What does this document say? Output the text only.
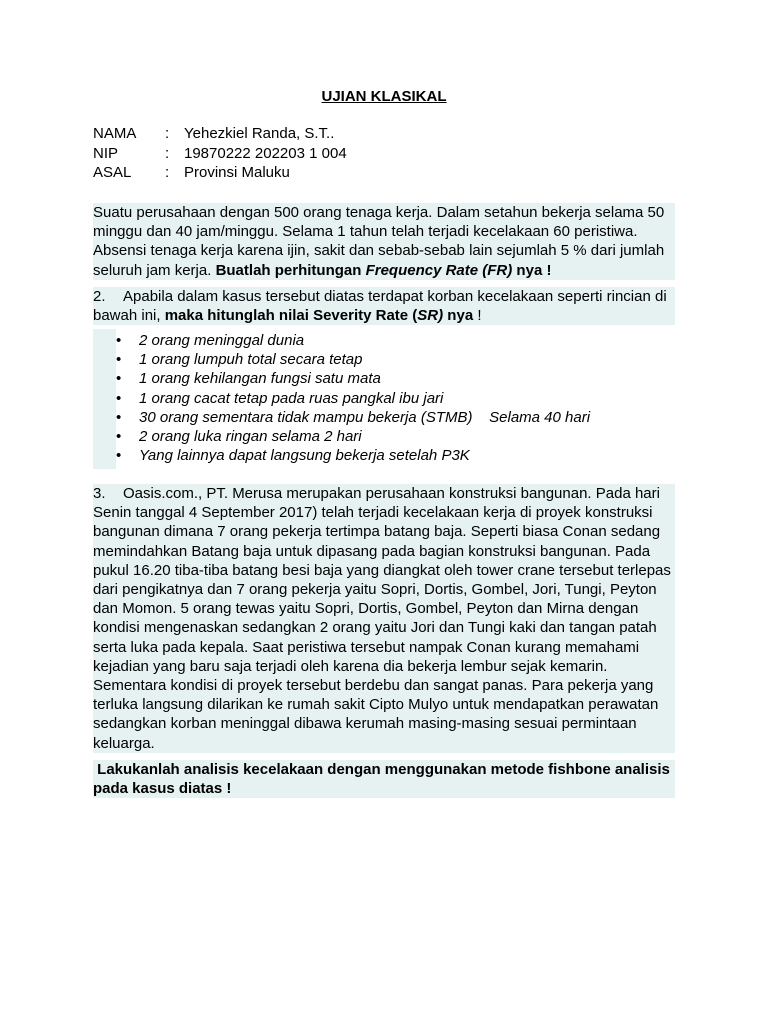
UJIAN KLASIKAL
NAMA	: Yehezkiel Randa, S.T..
NIP	: 19870222 202203 1 004
ASAL	: Provinsi Maluku
Suatu perusahaan dengan 500 orang tenaga kerja. Dalam setahun bekerja selama 50 minggu dan 40 jam/minggu. Selama 1 tahun telah terjadi kecelakaan 60 peristiwa. Absensi tenaga kerja karena ijin, sakit dan sebab-sebab lain sejumlah 5 % dari jumlah seluruh jam kerja. Buatlah perhitungan Frequency Rate (FR) nya !
2. Apabila dalam kasus tersebut diatas terdapat korban kecelakaan seperti rincian di bawah ini, maka hitunglah nilai Severity Rate (SR) nya !
•	2 orang meninggal dunia
•	1 orang lumpuh total secara tetap
•	1 orang kehilangan fungsi satu mata
•	1 orang cacat tetap pada ruas pangkal ibu jari
•	30 orang sementara tidak mampu bekerja (STMB)    Selama 40 hari
•	2 orang luka ringan selama 2 hari
•	Yang lainnya dapat langsung bekerja setelah P3K
3. Oasis.com., PT. Merusa merupakan perusahaan konstruksi bangunan. Pada hari Senin tanggal 4 September 2017) telah terjadi kecelakaan kerja di proyek konstruksi bangunan dimana 7 orang pekerja tertimpa batang baja. Seperti biasa Conan sedang memindahkan Batang baja untuk dipasang pada bagian konstruksi bangunan. Pada pukul 16.20 tiba-tiba batang besi baja yang diangkat oleh tower crane tersebut terlepas dari pengikatnya dan 7 orang pekerja yaitu Sopri, Dortis, Gombel, Jori, Tungi, Peyton dan Momon. 5 orang tewas yaitu Sopri, Dortis, Gombel, Peyton dan Mirna dengan kondisi mengenaskan sedangkan 2 orang yaitu Jori dan Tungi kaki dan tangan patah serta luka pada kepala. Saat peristiwa tersebut nampak Conan kurang memahami kejadian yang baru saja terjadi oleh karena dia bekerja lembur sejak kemarin. Sementara kondisi di proyek tersebut berdebu dan sangat panas. Para pekerja yang terluka langsung dilarikan ke rumah sakit Cipto Mulyo untuk mendapatkan perawatan sedangkan korban meninggal dibawa kerumah masing-masing sesuai permintaan keluarga.
Lakukanlah analisis kecelakaan dengan menggunakan metode fishbone analisis pada kasus diatas !
